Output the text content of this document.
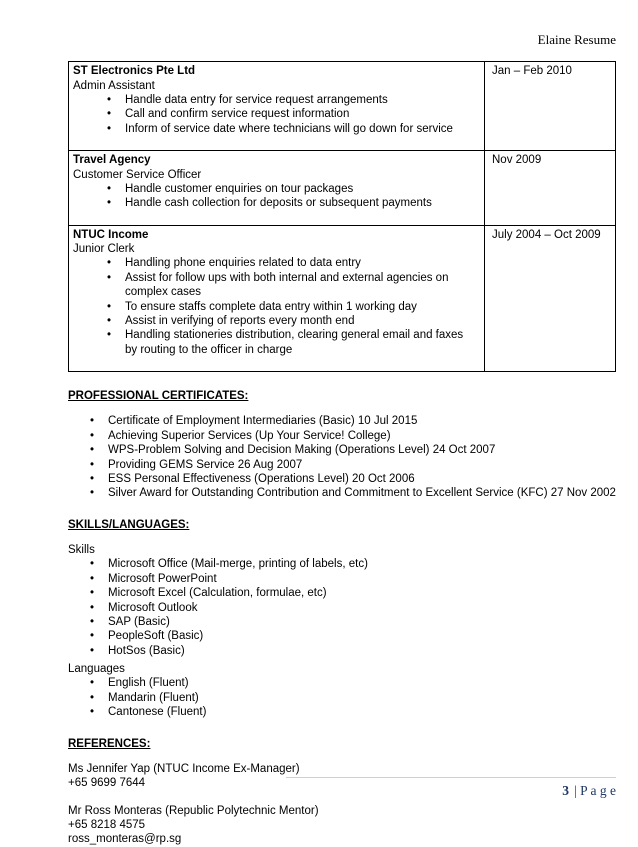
Elaine Resume
ST Electronics Pte Ltd
Admin Assistant
•
Handle data entry for service request arrangements
•
Call and confirm service request information
•
Inform of service date where technicians will go down for service
Jan – Feb 2010
Travel Agency
Customer Service Officer
•
Handle customer enquiries on tour packages
•
Handle cash collection for deposits or subsequent payments
Nov 2009
NTUC Income
Junior Clerk
•
Handling phone enquiries related to data entry
•
Assist for follow ups with both internal and external agencies on complex cases
•
To ensure staffs complete data entry within 1 working day
•
Assist in verifying of reports every month end
•
Handling stationeries distribution, clearing general email and faxes by routing to the officer in charge
July 2004 – Oct 2009
PROFESSIONAL CERTIFICATES:
•
Certificate of Employment Intermediaries (Basic) 10 Jul 2015
•
Achieving Superior Services (Up Your Service! College)
•
WPS-Problem Solving and Decision Making (Operations Level) 24 Oct 2007
•
Providing GEMS Service 26 Aug 2007
•
ESS Personal Effectiveness (Operations Level) 20 Oct 2006
•
Silver Award for Outstanding Contribution and Commitment to Excellent Service (KFC) 27 Nov 2002
SKILLS/LANGUAGES:
Skills
•
Microsoft Office (Mail-merge, printing of labels, etc)
•
Microsoft PowerPoint
•
Microsoft Excel (Calculation, formulae, etc)
•
Microsoft Outlook
•
SAP (Basic)
•
PeopleSoft (Basic)
•
HotSos (Basic)
Languages
•
English (Fluent)
•
Mandarin (Fluent)
•
Cantonese (Fluent)
REFERENCES:
Ms Jennifer Yap (NTUC Income Ex-Manager)
+65 9699 7644
Mr Ross Monteras (Republic Polytechnic Mentor)
+65 8218 4575
ross_monteras@rp.sg
3 | P a g e
